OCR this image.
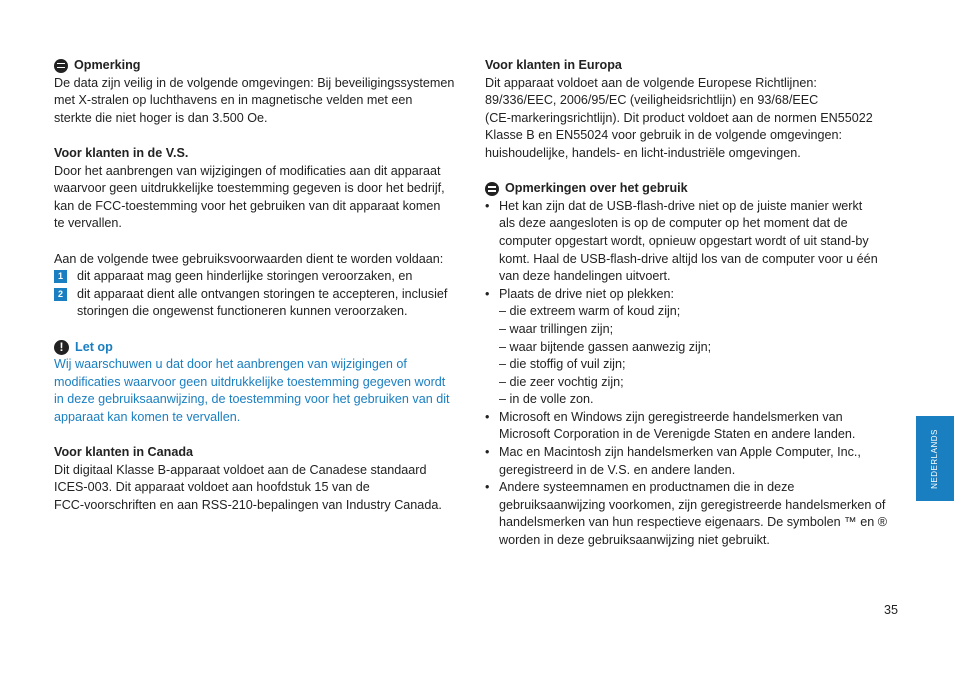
Opmerking

De data zijn veilig in de volgende omgevingen: Bij beveiligingssystemen

met X-stralen op luchthavens en in magnetische velden met een

sterkte die niet hoger is dan 3.500 Oe.

Voor klanten in de V.S.

Door het aanbrengen van wijzigingen of modificaties aan dit apparaat

waarvoor geen uitdrukkelijke toestemming gegeven is door het bedrijf,

kan de FCC-toestemming voor het gebruiken van dit apparaat komen

te vervallen.

Aan de volgende twee gebruiksvoorwaarden dient te worden voldaan:

1	dit apparaat mag geen hinderlijke storingen veroorzaken, en

2	dit apparaat dient alle ontvangen storingen te accepteren, inclusief

storingen die ongewenst functioneren kunnen veroorzaken.

! Let op

Wij waarschuwen u dat door het aanbrengen van wijzigingen of

modificaties waarvoor geen uitdrukkelijke toestemming gegeven wordt

in deze gebruiksaanwijzing, de toestemming voor het gebruiken van dit

apparaat kan komen te vervallen.

Voor klanten in Canada

Dit digitaal Klasse B-apparaat voldoet aan de Canadese standaard

ICES-003. Dit apparaat voldoet aan hoofdstuk 15 van de

FCC-voorschriften en aan RSS-210-bepalingen van Industry Canada.

Voor klanten in Europa

Dit apparaat voldoet aan de volgende Europese Richtlijnen:

89/336/EEC, 2006/95/EC (veiligheidsrichtlijn) en 93/68/EEC

(CE-markeringsrichtlijn). Dit product voldoet aan de normen EN55022

Klasse B en EN55024 voor gebruik in de volgende omgevingen:

huishoudelijke, handels- en licht-industriële omgevingen.

Opmerkingen over het gebruik

• Het kan zijn dat de USB-flash-drive niet op de juiste manier werkt

als deze aangesloten is op de computer op het moment dat de

computer opgestart wordt, opnieuw opgestart wordt of uit stand-by

komt. Haal de USB-flash-drive altijd los van de computer voor u één

van deze handelingen uitvoert.

• Plaats de drive niet op plekken:

– die extreem warm of koud zijn;
– waar trillingen zijn;
– waar bijtende gassen aanwezig zijn;
– die stoffig of vuil zijn;
– die zeer vochtig zijn;
– in de volle zon.

• Microsoft en Windows zijn geregistreerde handelsmerken van

Microsoft Corporation in de Verenigde Staten en andere landen.

• Mac en Macintosh zijn handelsmerken van Apple Computer, Inc.,

geregistreerd in de V.S. en andere landen.

• Andere systeemnamen en productnamen die in deze

gebruiksaanwijzing voorkomen, zijn geregistreerde handelsmerken of

handelsmerken van hun respectieve eigenaars. De symbolen ™ en ®

worden in deze gebruiksaanwijzing niet gebruikt.

NEDERLANDS
35
